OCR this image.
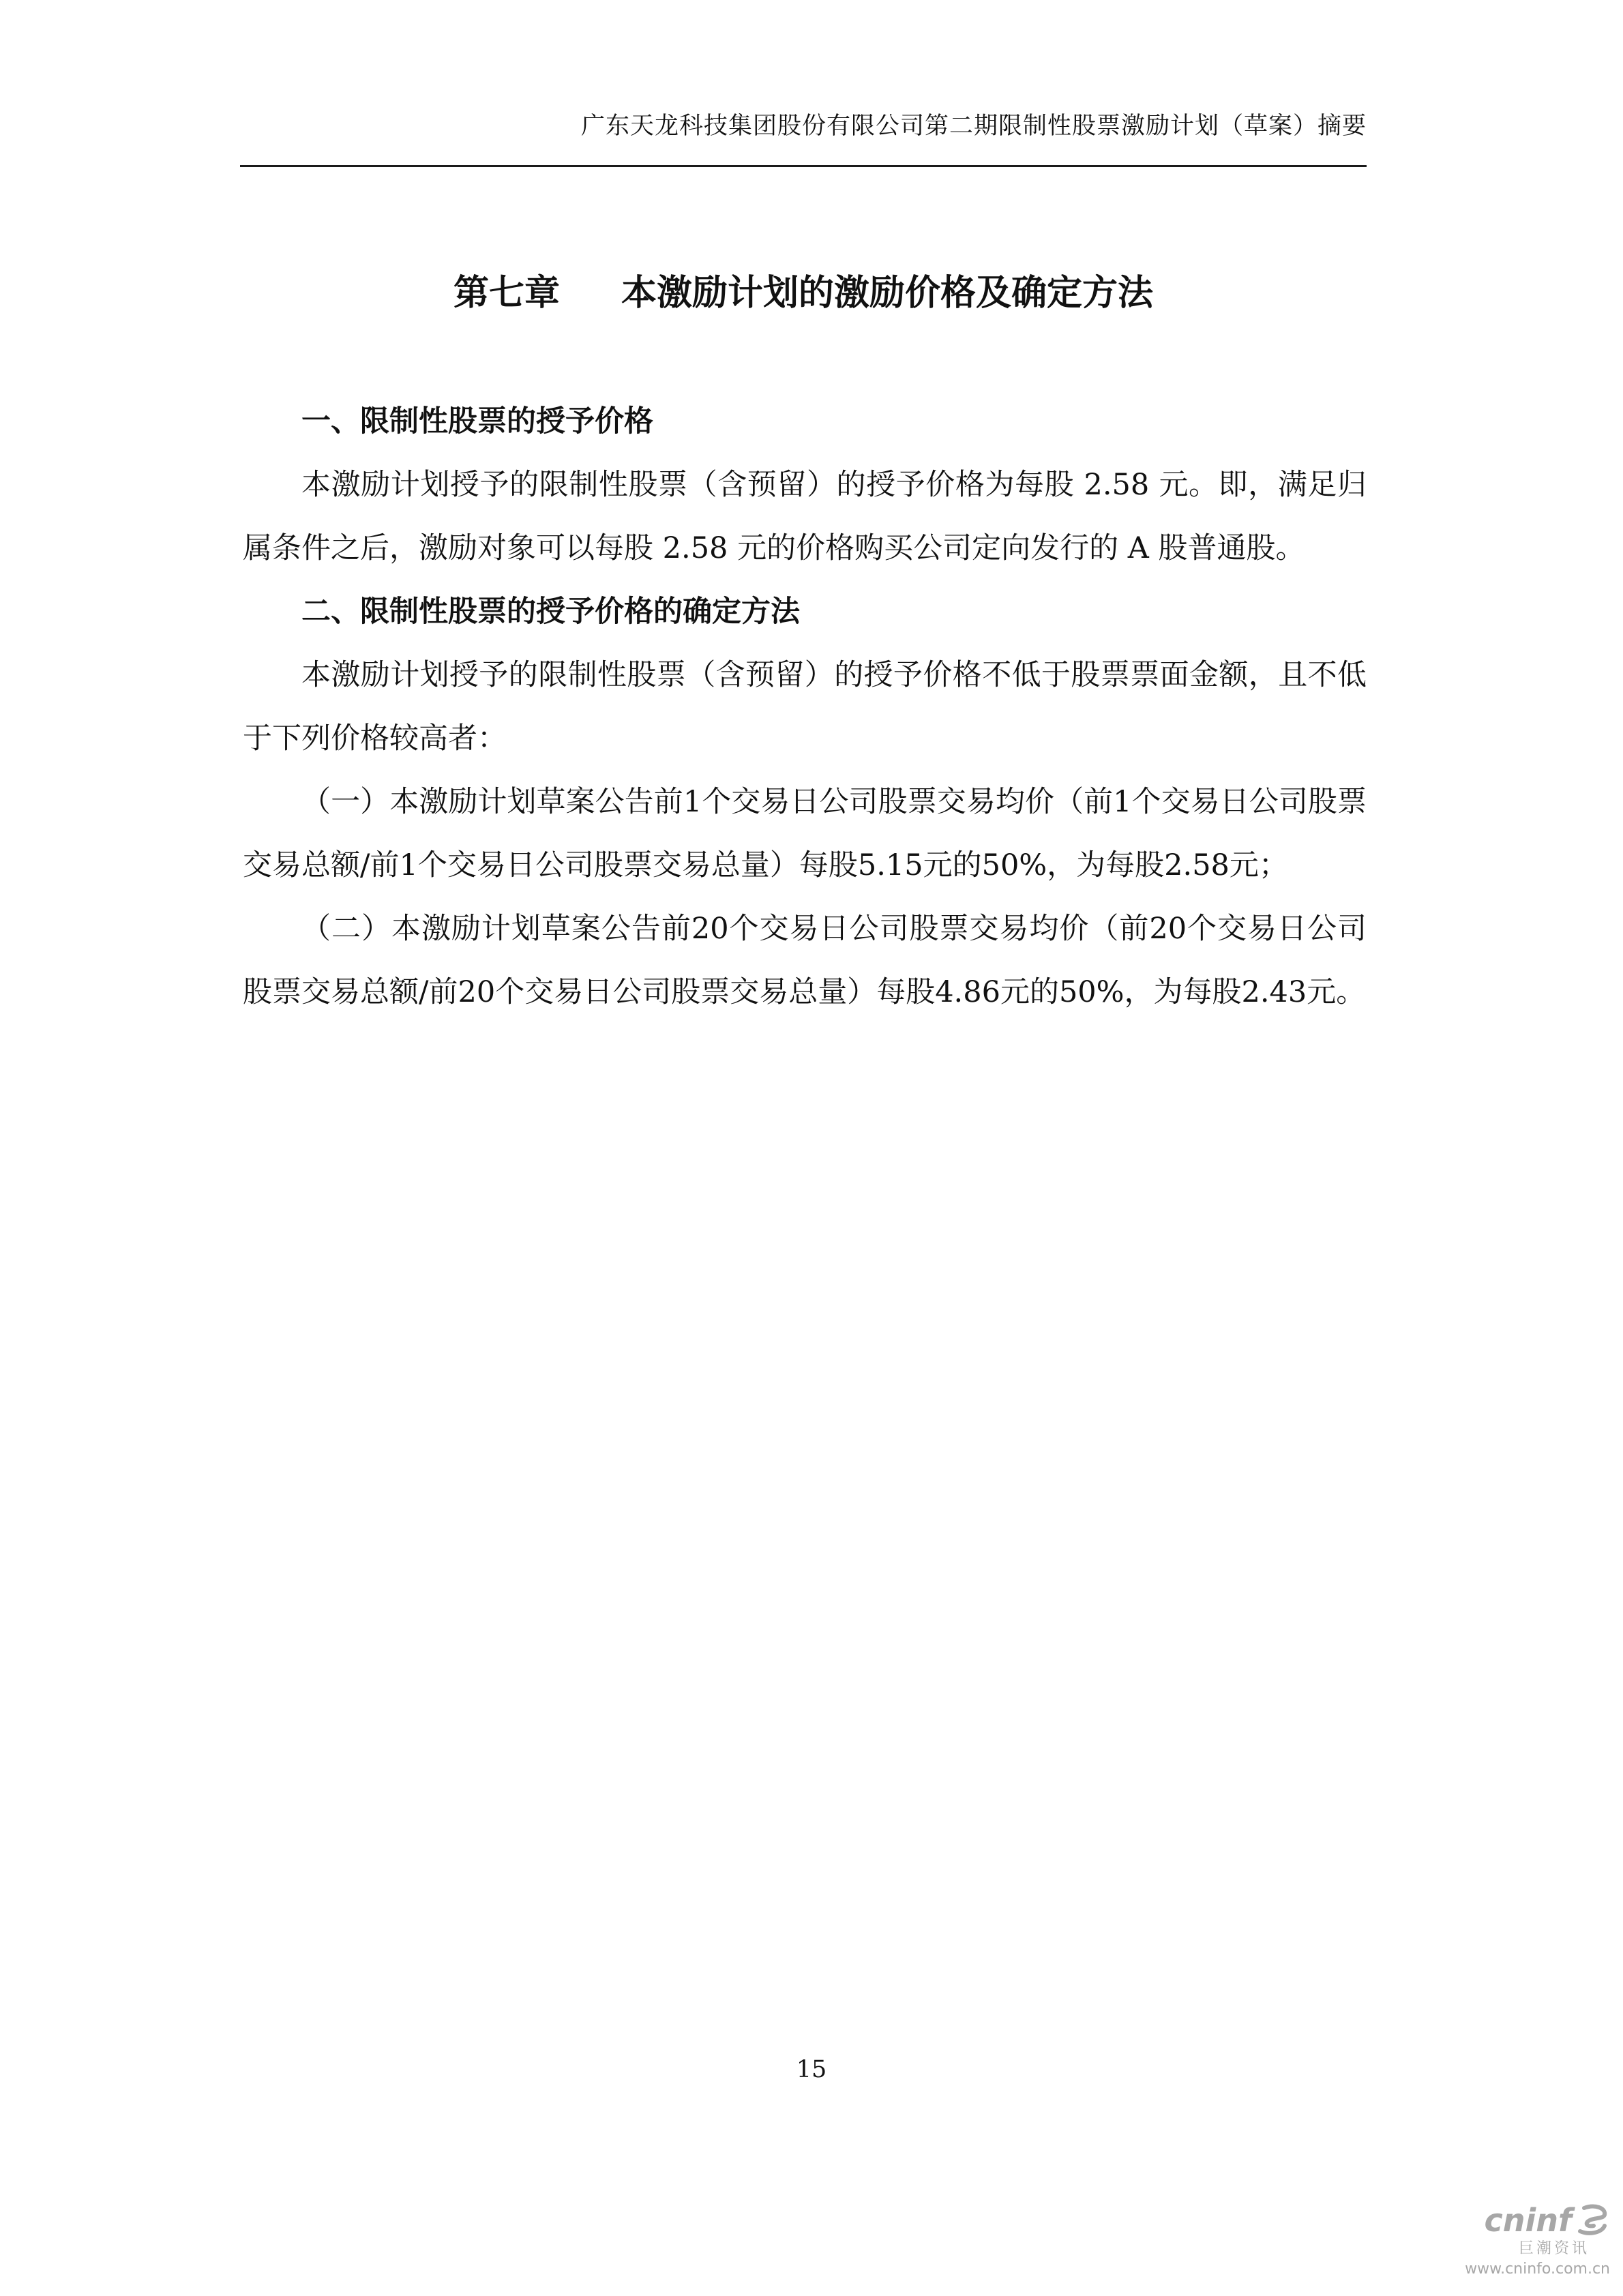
广东天龙科技集团股份有限公司第二期限制性股票激励计划（草案）摘要
第七章 本激励计划的激励价格及确定方法
一、限制性股票的授予价格

本激励计划授予的限制性股票（含预留）的授予价格为每股 2.58 元。即，满足归属条件之后，激励对象可以每股 2.58 元的价格购买公司定向发行的 A 股普通股。

二、限制性股票的授予价格的确定方法

本激励计划授予的限制性股票（含预留）的授予价格不低于股票票面金额，且不低于下列价格较高者：

（一）本激励计划草案公告前1个交易日公司股票交易均价（前1个交易日公司股票交易总额/前1个交易日公司股票交易总量）每股5.15元的50%，为每股2.58元；

（二）本激励计划草案公告前20个交易日公司股票交易均价（前20个交易日公司股票交易总额/前20个交易日公司股票交易总量）每股4.86元的50%，为每股2.43元。

15
cninf
巨潮资讯
www.cninfo.com.cn
